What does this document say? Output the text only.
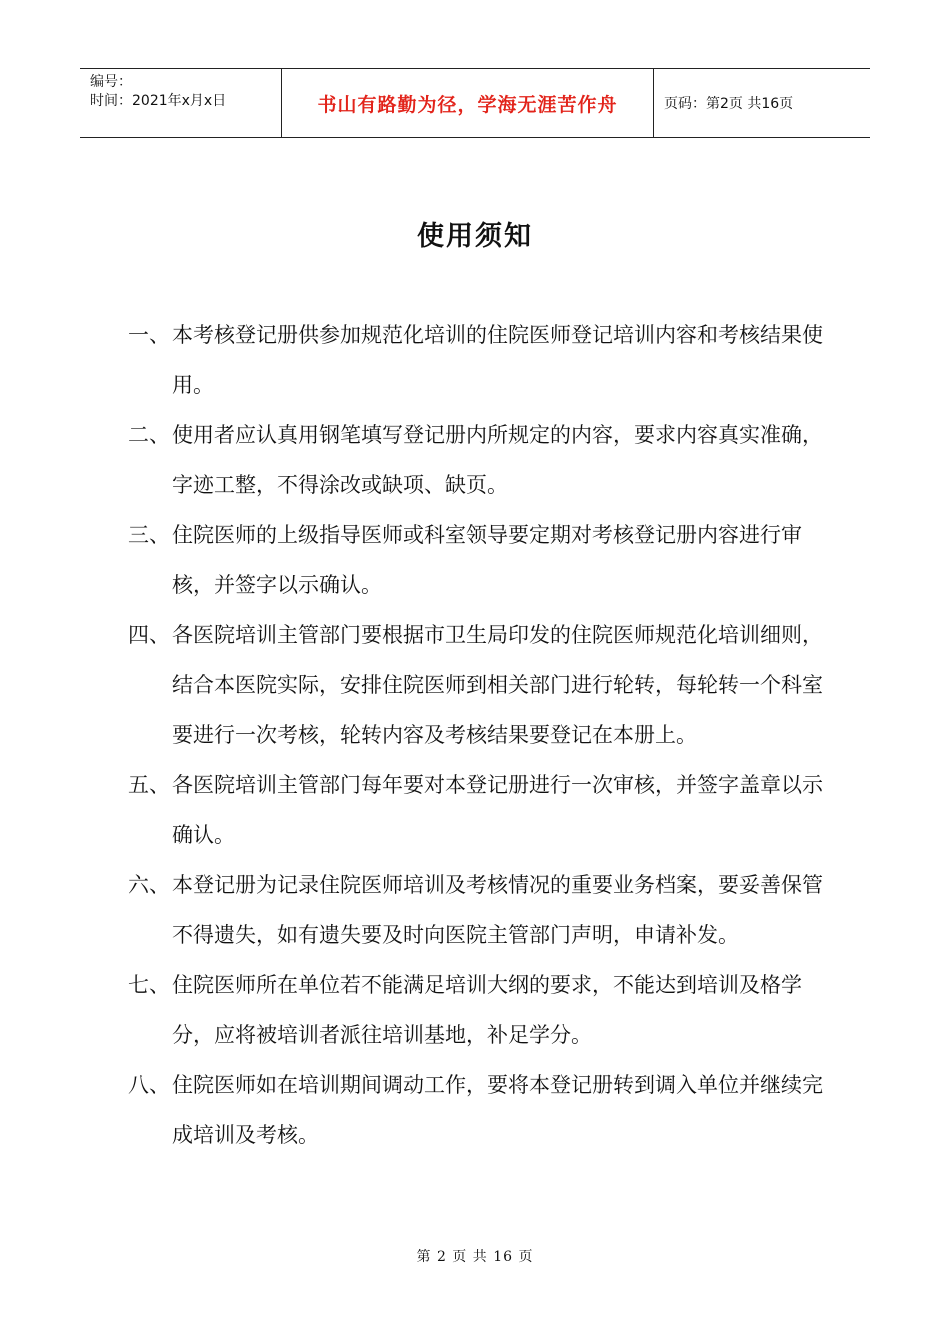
编号：
时间：2021年x月x日	书山有路勤为径，学海无涯苦作舟	页码：第2页 共16页
使用须知
一、 本考核登记册供参加规范化培训的住院医师登记培训内容和考核结果使用。
二、 使用者应认真用钢笔填写登记册内所规定的内容，要求内容真实准确，字迹工整，不得涂改或缺项、缺页。
三、 住院医师的上级指导医师或科室领导要定期对考核登记册内容进行审核，并签字以示确认。
四、 各医院培训主管部门要根据市卫生局印发的住院医师规范化培训细则，结合本医院实际，安排住院医师到相关部门进行轮转，每轮转一个科室要进行一次考核，轮转内容及考核结果要登记在本册上。
五、 各医院培训主管部门每年要对本登记册进行一次审核，并签字盖章以示确认。
六、 本登记册为记录住院医师培训及考核情况的重要业务档案，要妥善保管不得遗失，如有遗失要及时向医院主管部门声明，申请补发。
七、 住院医师所在单位若不能满足培训大纲的要求，不能达到培训及格学分，应将被培训者派往培训基地，补足学分。
八、 住院医师如在培训期间调动工作，要将本登记册转到调入单位并继续完成培训及考核。
第 2 页 共 16 页
